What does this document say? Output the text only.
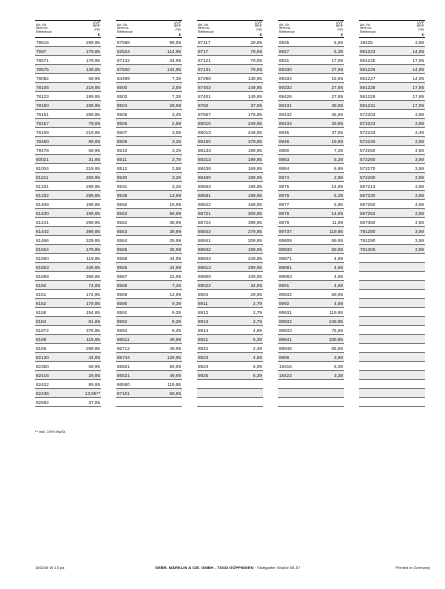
Art.-Nr.
Item no.
Référence
UVP
RRP
PPI
€
79515	299,95
7587	179,95
78571	179,95
78575	149,95
78082	69,95
78106	219,95
78123	199,95
78150	199,95
78151	259,95
78157	79,95
78159	219,95
78450	89,95
79478	69,95
80021	31,95
81004	219,95
81151	259,95
81331	299,95
81332	299,95
81409	199,95
81430	199,95
81441	299,95
81442	399,95
81466	329,95
81554	179,95
81560	119,95
81803	349,95
81858	359,95
8150	74,95
8151	174,95
8152	179,95
8158	154,95
8184	81,95
81872	379,95
8189	119,95
8159	299,95
82130	44,95
82350	69,95
82416	29,95
82422	89,95
82436	13,95**
82582	37,95
Art.-Nr.
Item no.
Référence
UVP
RRP
PPI
€
87598	99,95
82524	114,95
87132	34,95
87500	134,95
84499	7,39
8500	2,59
8503	7,39
8504	29,99
8505	3,49
8506	2,59
8507	3,59
8509	3,29
8510	3,29
8511	2,79
8512	2,59
8530	3,29
8531	3,29
8538	13,99
8550	19,99
8553	56,99
8562	39,99
8563	39,99
8564	29,99
8565	25,99
8558	44,99
8559	44,99
8567	22,99
8568	7,49
8569	12,99
8590	9,39
8591	9,39
8592	8,39
8594	9,49
86511	49,95
86712	49,95
86744	129,95
86501	59,95
86521	49,95
86580	119,95
87101	69,95
Art.-Nr.
Item no.
Référence
UVP
RRP
PPI
€
87117	29,95
8717	79,95
87121	79,95
87131	79,95
87299	139,95
87403	149,95
87401	149,95
8750	37,95
87557	179,95
88010	249,95
88013	249,95
88150	379,95
88133	199,95
88313	199,95
88438	169,95
88460	189,95
88563	199,95
88581	199,95
88622	169,95
88721	309,95
88724	399,95
88843	279,95
88941	209,95
88942	199,95
88943	229,95
88813	299,95
88909	109,95
89022	34,95
8904	29,95
8911	2,79
8912	2,79
8913	2,79
8914	4,69
8921	6,39
8922	2,49
8923	4,59
8924	6,99
8925	6,39
Art.-Nr.
Item no.
Référence
UVP
RRP
PPI
€
8925	5,59
8927	5,39
8931	17,99
89330	27,95
89334	15,95
89332	27,95
89426	27,95
89431	39,95
89432	45,95
89434	29,95
8945	37,95
8946	19,95
8950	7,29
8953	5,29
8954	6,99
8974	2,99
8975	14,95
8976	5,29
8977	5,95
8978	14,95
8979	11,99
89737	119,95
89809	69,95
89830	69,95
89871	4,69
89891	4,69
89893	4,69
8991	4,69
89932	69,95
8992	4,69
89931	119,95
89932	249,95
89933	75,95
89941	339,95
89946	65,95
8998	3,59
19416	6,39
18422	3,39
Art.-Nr.
Item no.
Référence
UVP
RRP
PPI
€
19425	3,59
591223	14,95
591225	17,95
591226	14,95
591227	14,95
591228	17,95
591229	17,95
591231	17,95
572203	3,59
572223	3,59
572233	3,49
572240	3,59
572250	3,59
572260	3,59
572270	3,59
572280	3,59
587213	3,59
587230	3,59
587250	3,59
587253	3,59
587350	3,59
791280	3,59
791290	3,59
791300	3,59
** inkl. 19% MwSt.
185246 W 13 pa	GEBR. MÄRKLIN & CIE. GMBH - 73033 GÖPPINGEN · Stuttgarter Straße 55-57	Printed in Germany
